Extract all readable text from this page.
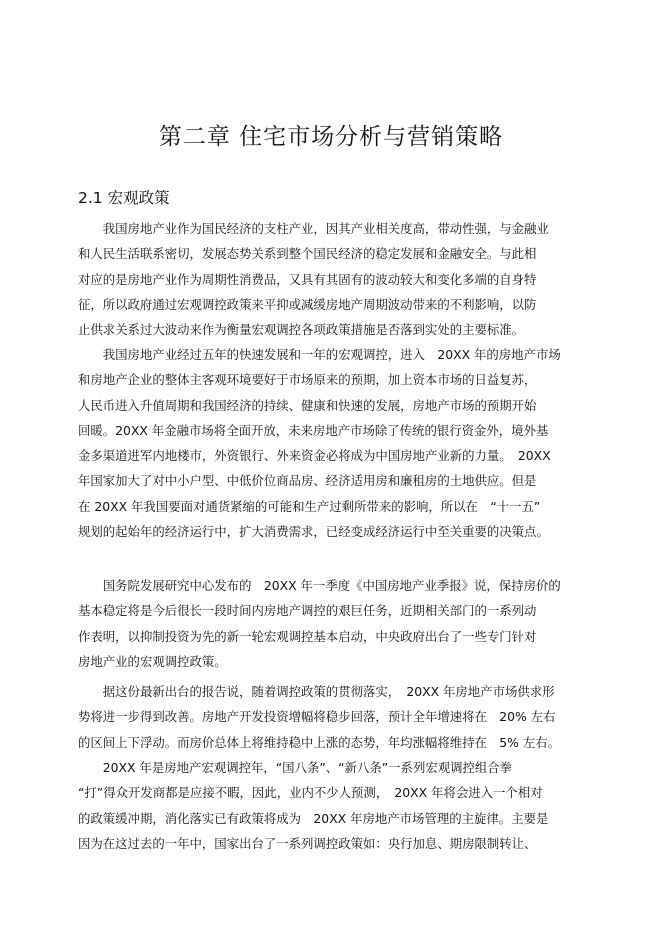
第二章 住宅市场分析与营销策略
2.1 宏观政策

　　我国房地产业作为国民经济的支柱产业，因其产业相关度高，带动性强，与金融业
和人民生活联系密切，发展态势关系到整个国民经济的稳定发展和金融安全。与此相
对应的是房地产业作为周期性消费品，又具有其固有的波动较大和变化多端的自身特
征，所以政府通过宏观调控政策来平抑或减缓房地产周期波动带来的不利影响，以防
止供求关系过大波动来作为衡量宏观调控各项政策措施是否落到实处的主要标准。

　　我国房地产业经过五年的快速发展和一年的宏观调控，进入　20XX 年的房地产市场
和房地产企业的整体主客观环境要好于市场原来的预期，加上资本市场的日益复苏，
人民币进入升值周期和我国经济的持续、健康和快速的发展，房地产市场的预期开始
回暖。20XX 年金融市场将全面开放，未来房地产市场除了传统的银行资金外，境外基
金多渠道进军内地楼市，外资银行、外来资金必将成为中国房地产业新的力量。　20XX
年国家加大了对中小户型、中低价位商品房、经济适用房和廉租房的土地供应。但是
在 20XX 年我国要面对通货紧缩的可能和生产过剩所带来的影响，所以在　“十一五”
规划的起始年的经济运行中，扩大消费需求，已经变成经济运行中至关重要的决策点。

　　国务院发展研究中心发布的　20XX 年一季度《中国房地产业季报》说，保持房价的
基本稳定将是今后很长一段时间内房地产调控的艰巨任务，近期相关部门的一系列动
作表明，以抑制投资为先的新一轮宏观调控基本启动，中央政府出台了一些专门针对
房地产业的宏观调控政策。

　　据这份最新出台的报告说，随着调控政策的贯彻落实，　20XX 年房地产市场供求形
势将进一步得到改善。房地产开发投资增幅将稳步回落，预计全年增速将在　20% 左右
的区间上下浮动。而房价总体上将维持稳中上涨的态势，年均涨幅将维持在　5% 左右。

　　20XX 年是房地产宏观调控年，“国八条”、“新八条”一系列宏观调控组合拳
“打”得众开发商都是应接不暇，因此，业内不少人预测，　20XX 年将会进入一个相对
的政策缓冲期，消化落实已有政策将成为　20XX 年房地产市场管理的主旋律。主要是
因为在这过去的一年中，国家出台了一系列调控政策如：央行加息、期房限制转让、
